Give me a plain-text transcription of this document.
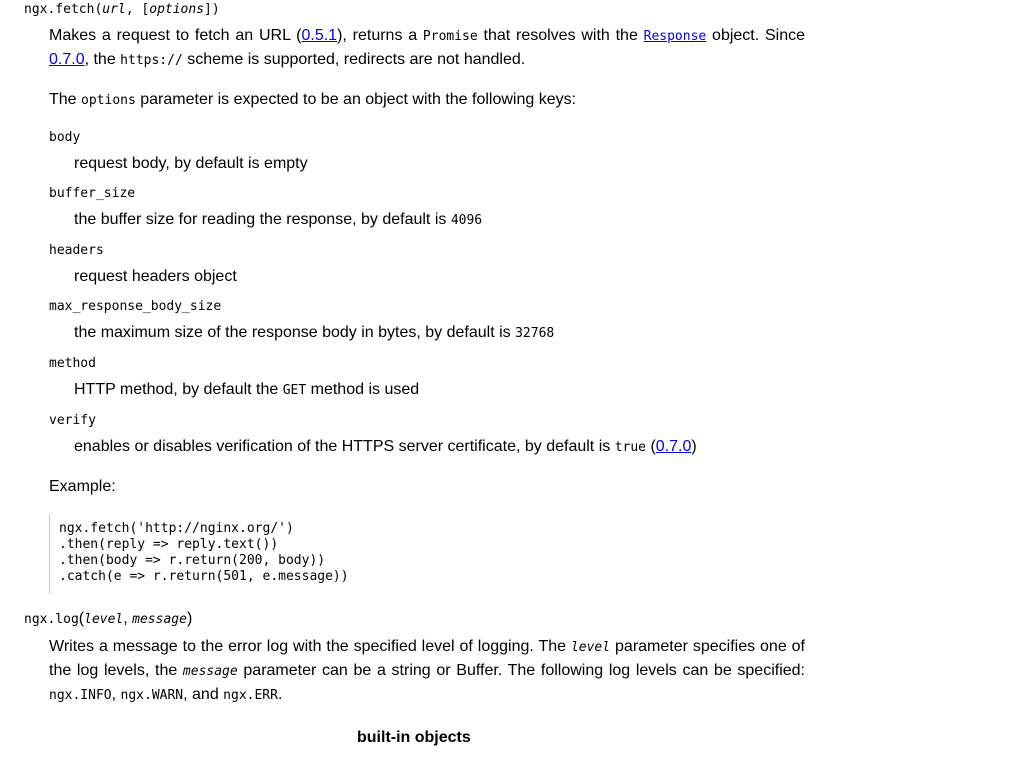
ngx.fetch(url, [options])
Makes a request to fetch an URL (0.5.1), returns a Promise that resolves with the Response object. Since 0.7.0, the https:// scheme is supported, redirects are not handled.
The options parameter is expected to be an object with the following keys:
body
request body, by default is empty
buffer_size
the buffer size for reading the response, by default is 4096
headers
request headers object
max_response_body_size
the maximum size of the response body in bytes, by default is 32768
method
HTTP method, by default the GET method is used
verify
enables or disables verification of the HTTPS server certificate, by default is true (0.7.0)
Example:
ngx.fetch('http://nginx.org/')
.then(reply => reply.text())
.then(body => r.return(200, body))
.catch(e => r.return(501, e.message))
ngx.log(level, message)
Writes a message to the error log with the specified level of logging. The level parameter specifies one of the log levels, the message parameter can be a string or Buffer. The following log levels can be specified: ngx.INFO, ngx.WARN, and ngx.ERR.
built-in objects
